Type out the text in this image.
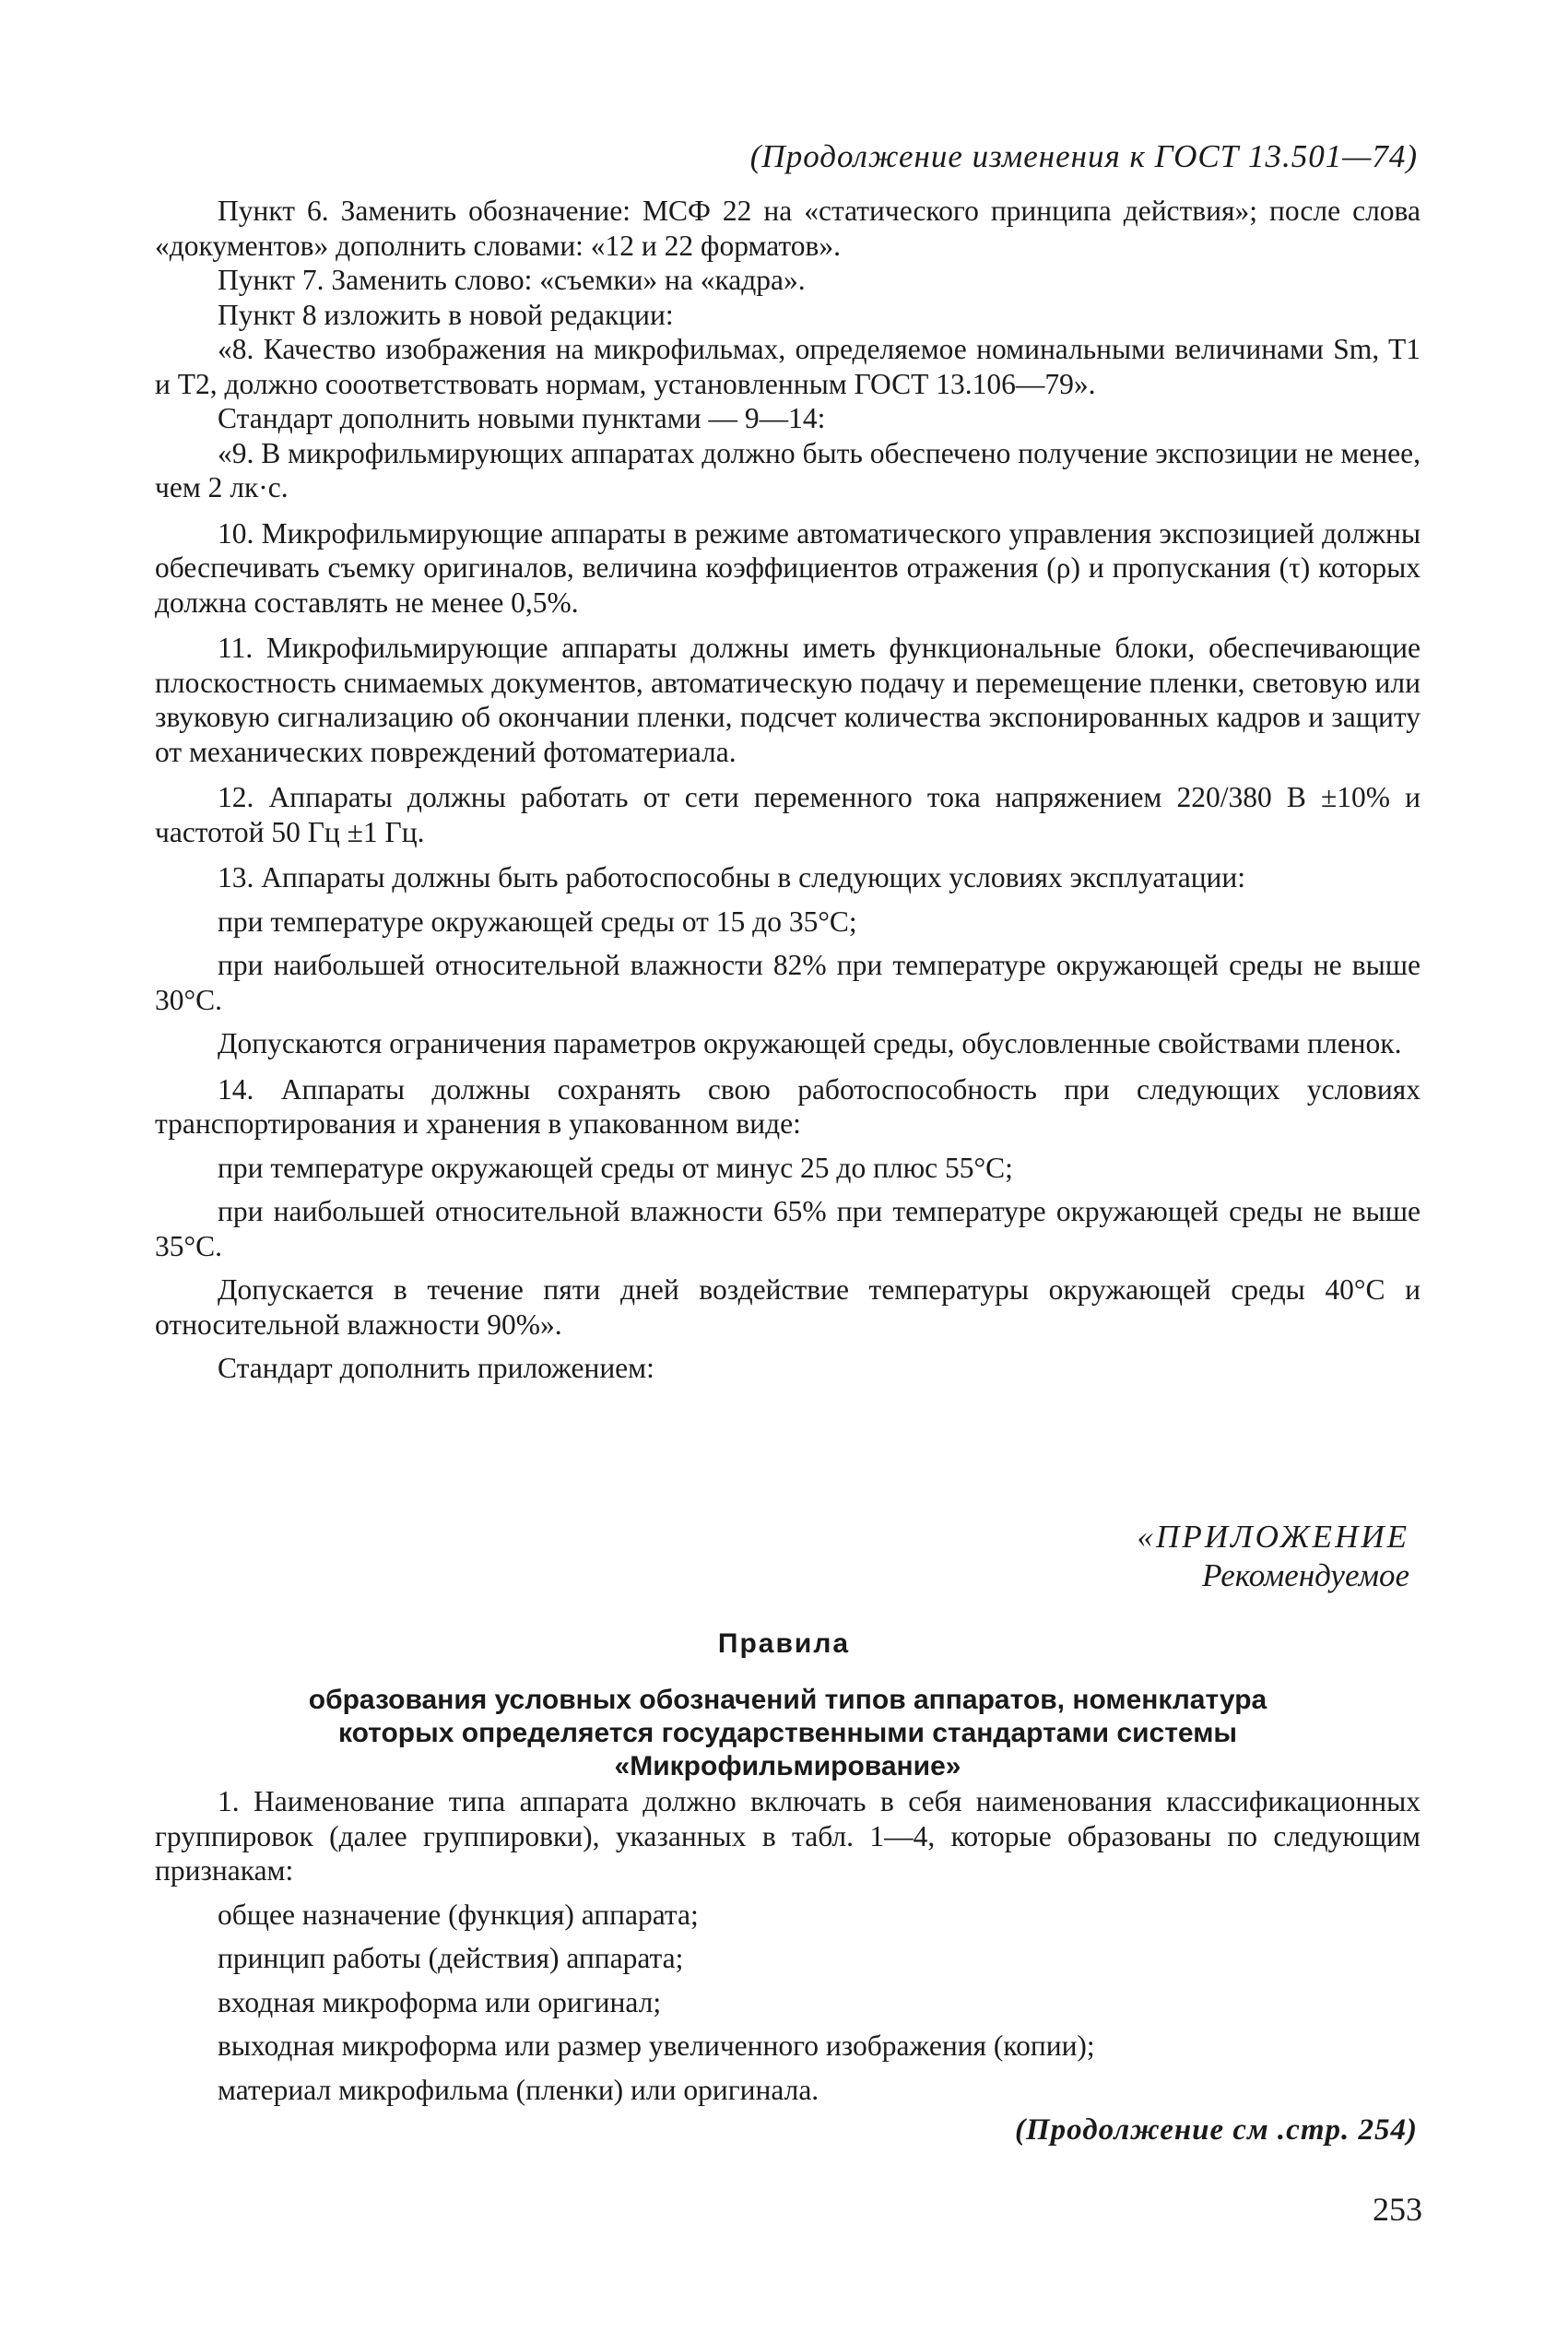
(Продолжение изменения к ГОСТ 13.501—74)

Пункт 6. Заменить обозначение: МСФ 22 на «статического принципа действия»; после слова «документов» дополнить словами: «12 и 22 форматов».

Пункт 7. Заменить слово: «съемки» на «кадра».

Пункт 8 изложить в новой редакции:

«8. Качество изображения на микрофильмах, определяемое номинальными величинами Sm, T1 и T2, должно сооответствовать нормам, установленным ГОСТ 13.106—79».

Стандарт дополнить новыми пунктами — 9—14:

«9. В микрофильмирующих аппаратах должно быть обеспечено получение экспозиции не менее, чем 2 лк·с.

10. Микрофильмирующие аппараты в режиме автоматического управления экспозицией должны обеспечивать съемку оригиналов, величина коэффициентов отражения (ρ) и пропускания (τ) которых должна составлять не менее 0,5%.

11. Микрофильмирующие аппараты должны иметь функциональные блоки, обеспечивающие плоскостность снимаемых документов, автоматическую подачу и перемещение пленки, световую или звуковую сигнализацию об окончании пленки, подсчет количества экспонированных кадров и защиту от механических повреждений фотоматериала.

12. Аппараты должны работать от сети переменного тока напряжением 220/380 В ±10% и частотой 50 Гц ±1 Гц.

13. Аппараты должны быть работоспособны в следующих условиях эксплуатации:

при температуре окружающей среды от 15 до 35°С;

при наибольшей относительной влажности 82% при температуре окружающей среды не выше 30°С.

Допускаются ограничения параметров окружающей среды, обусловленные свойствами пленок.

14. Аппараты должны сохранять свою работоспособность при следующих условиях транспортирования и хранения в упакованном виде:

при температуре окружающей среды от минус 25 до плюс 55°С;

при наибольшей относительной влажности 65% при температуре окружающей среды не выше 35°С.

Допускается в течение пяти дней воздействие температуры окружающей среды 40°С и относительной влажности 90%».

Стандарт дополнить приложением:

«ПРИЛОЖЕНИЕ
Рекомендуемое
Правила
образования условных обозначений типов аппаратов, номенклатура
которых определяется государственными стандартами системы
«Микрофильмирование»

1. Наименование типа аппарата должно включать в себя наименования классификационных группировок (далее группировки), указанных в табл. 1—4, которые образованы по следующим признакам:

общее назначение (функция) аппарата;

принцип работы (действия) аппарата;

входная микроформа или оригинал;

выходная микроформа или размер увеличенного изображения (копии);

материал микрофильма (пленки) или оригинала.

(Продолжение см .стр. 254)
253
